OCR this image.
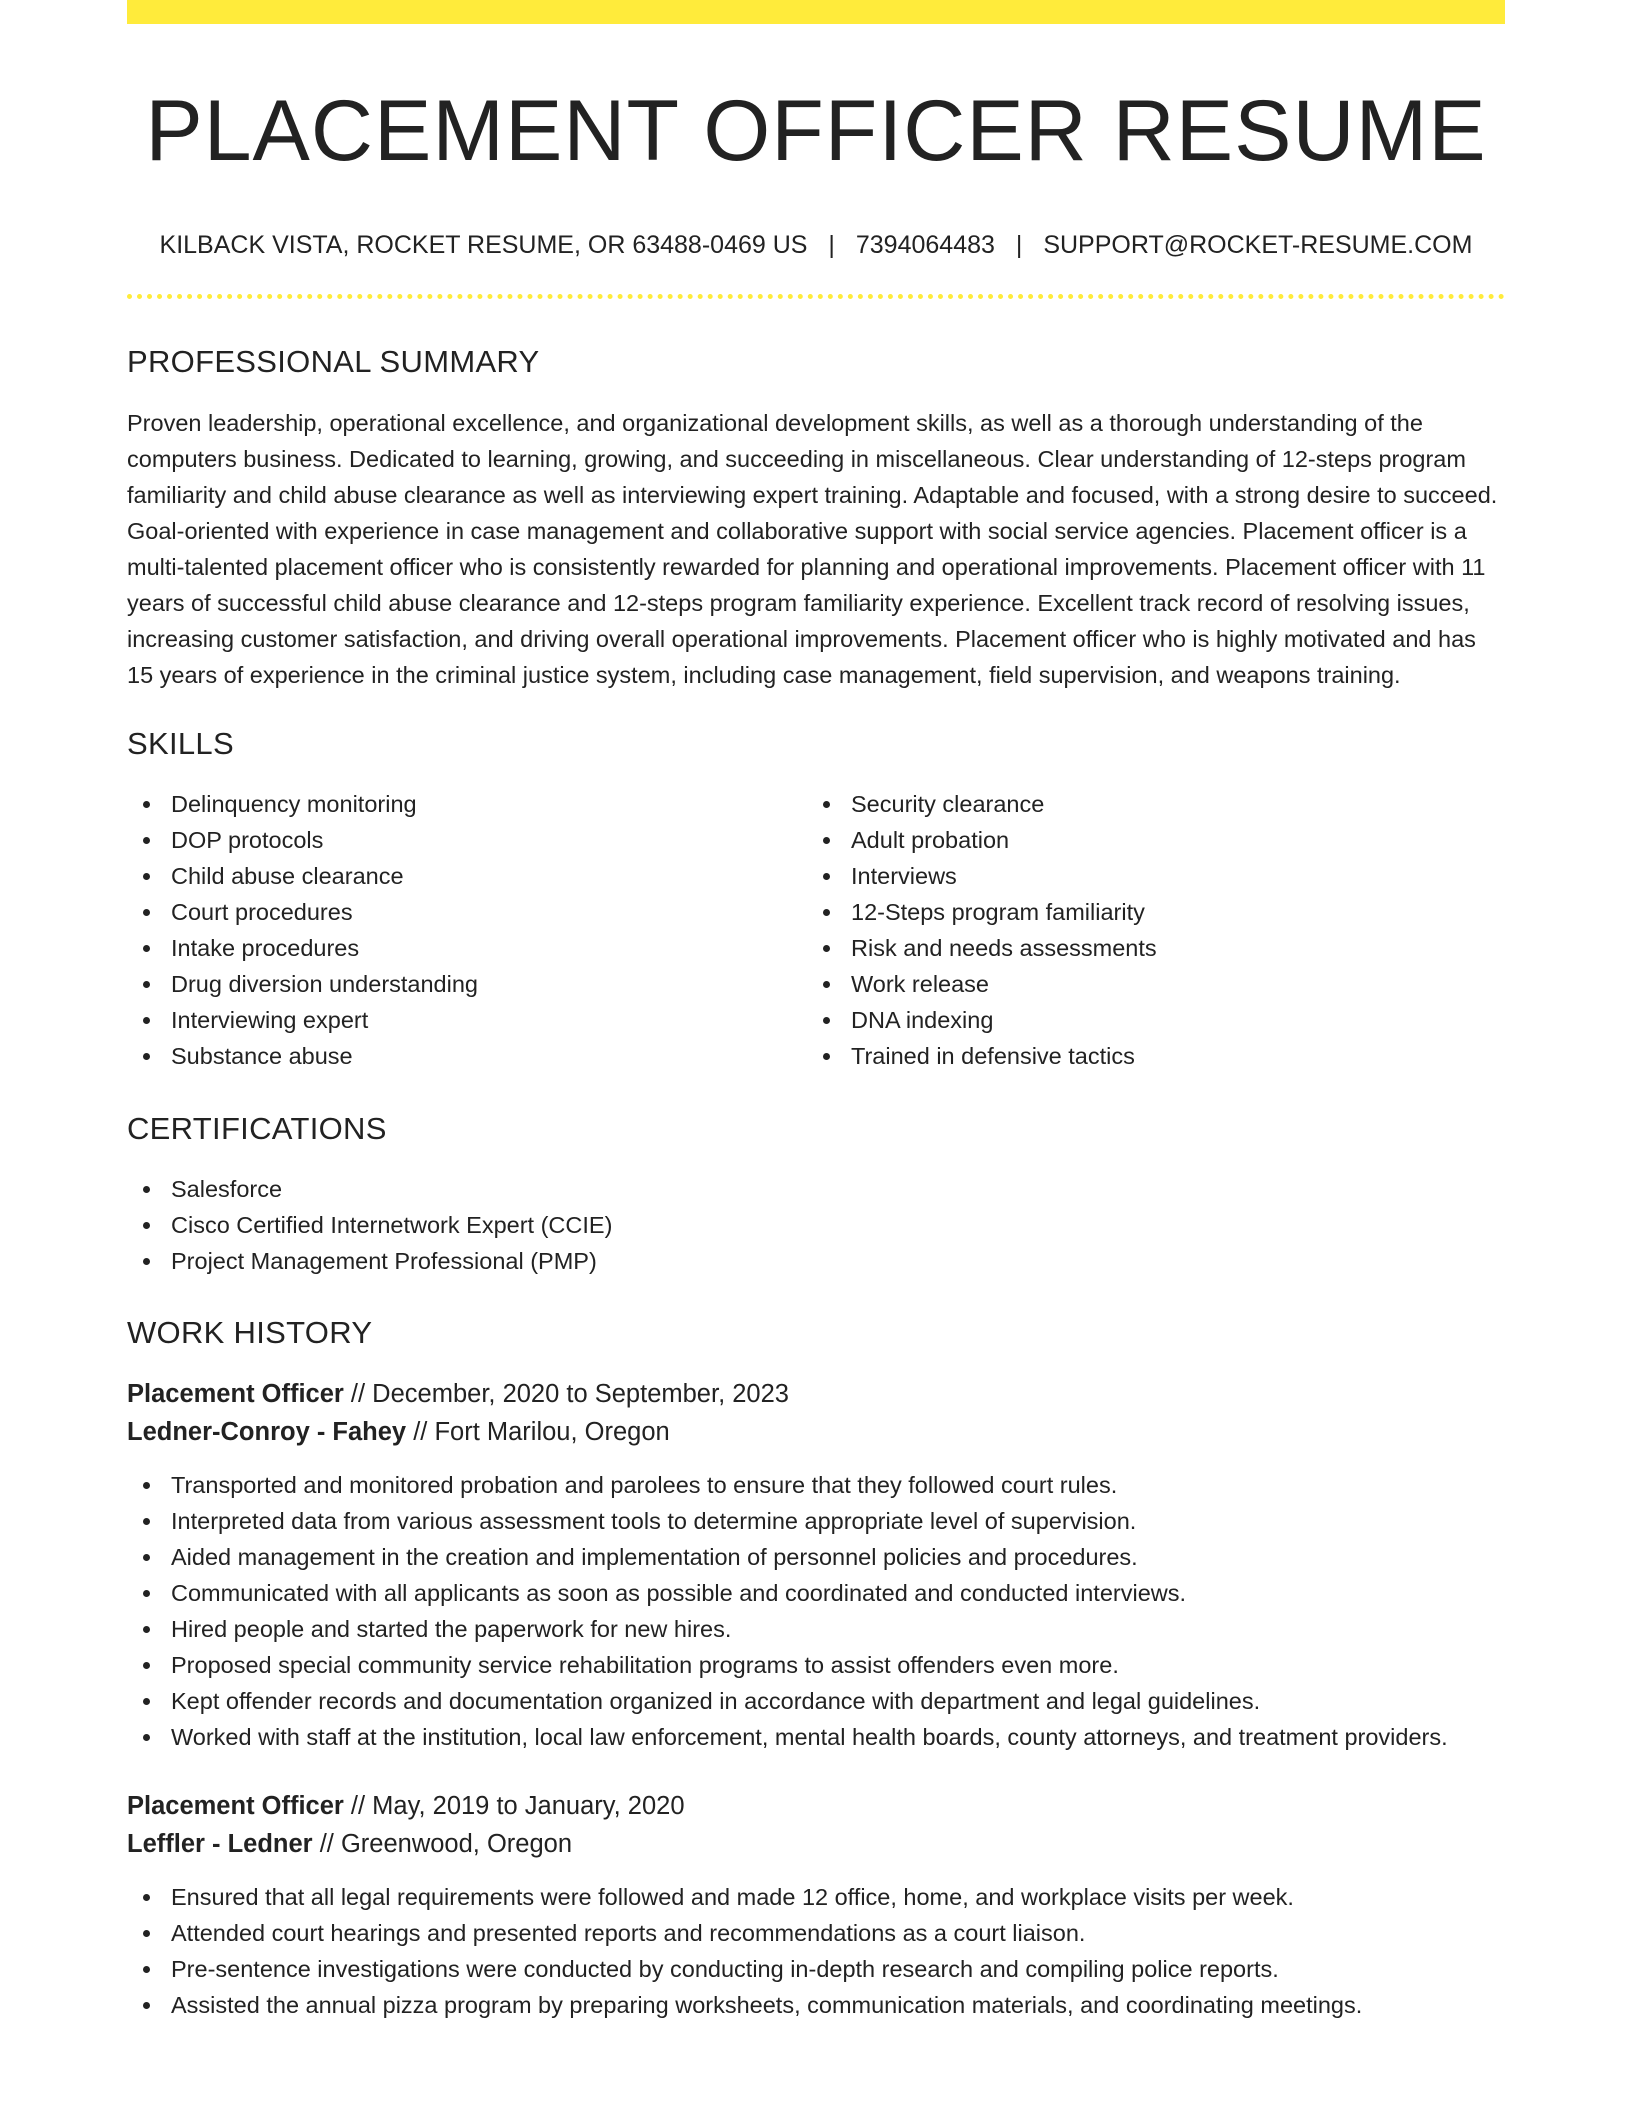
PLACEMENT OFFICER RESUME
KILBACK VISTA, ROCKET RESUME, OR 63488-0469 US | 7394064483 | SUPPORT@ROCKET-RESUME.COM
PROFESSIONAL SUMMARY

Proven leadership, operational excellence, and organizational development skills, as well as a thorough understanding of the computers business. Dedicated to learning, growing, and succeeding in miscellaneous. Clear understanding of 12-steps program familiarity and child abuse clearance as well as interviewing expert training. Adaptable and focused, with a strong desire to succeed. Goal-oriented with experience in case management and collaborative support with social service agencies. Placement officer is a multi-talented placement officer who is consistently rewarded for planning and operational improvements. Placement officer with 11 years of successful child abuse clearance and 12-steps program familiarity experience. Excellent track record of resolving issues, increasing customer satisfaction, and driving overall operational improvements. Placement officer who is highly motivated and has 15 years of experience in the criminal justice system, including case management, field supervision, and weapons training.

SKILLS
Delinquency monitoring
DOP protocols
Child abuse clearance
Court procedures
Intake procedures
Drug diversion understanding
Interviewing expert
Substance abuse
Security clearance
Adult probation
Interviews
12-Steps program familiarity
Risk and needs assessments
Work release
DNA indexing
Trained in defensive tactics
CERTIFICATIONS
Salesforce
Cisco Certified Internetwork Expert (CCIE)
Project Management Professional (PMP)
WORK HISTORY
Placement Officer // December, 2020 to September, 2023
Ledner-Conroy - Fahey // Fort Marilou, Oregon
Transported and monitored probation and parolees to ensure that they followed court rules.
Interpreted data from various assessment tools to determine appropriate level of supervision.
Aided management in the creation and implementation of personnel policies and procedures.
Communicated with all applicants as soon as possible and coordinated and conducted interviews.
Hired people and started the paperwork for new hires.
Proposed special community service rehabilitation programs to assist offenders even more.
Kept offender records and documentation organized in accordance with department and legal guidelines.
Worked with staff at the institution, local law enforcement, mental health boards, county attorneys, and treatment providers.
Placement Officer // May, 2019 to January, 2020
Leffler - Ledner // Greenwood, Oregon
Ensured that all legal requirements were followed and made 12 office, home, and workplace visits per week.
Attended court hearings and presented reports and recommendations as a court liaison.
Pre-sentence investigations were conducted by conducting in-depth research and compiling police reports.
Assisted the annual pizza program by preparing worksheets, communication materials, and coordinating meetings.
